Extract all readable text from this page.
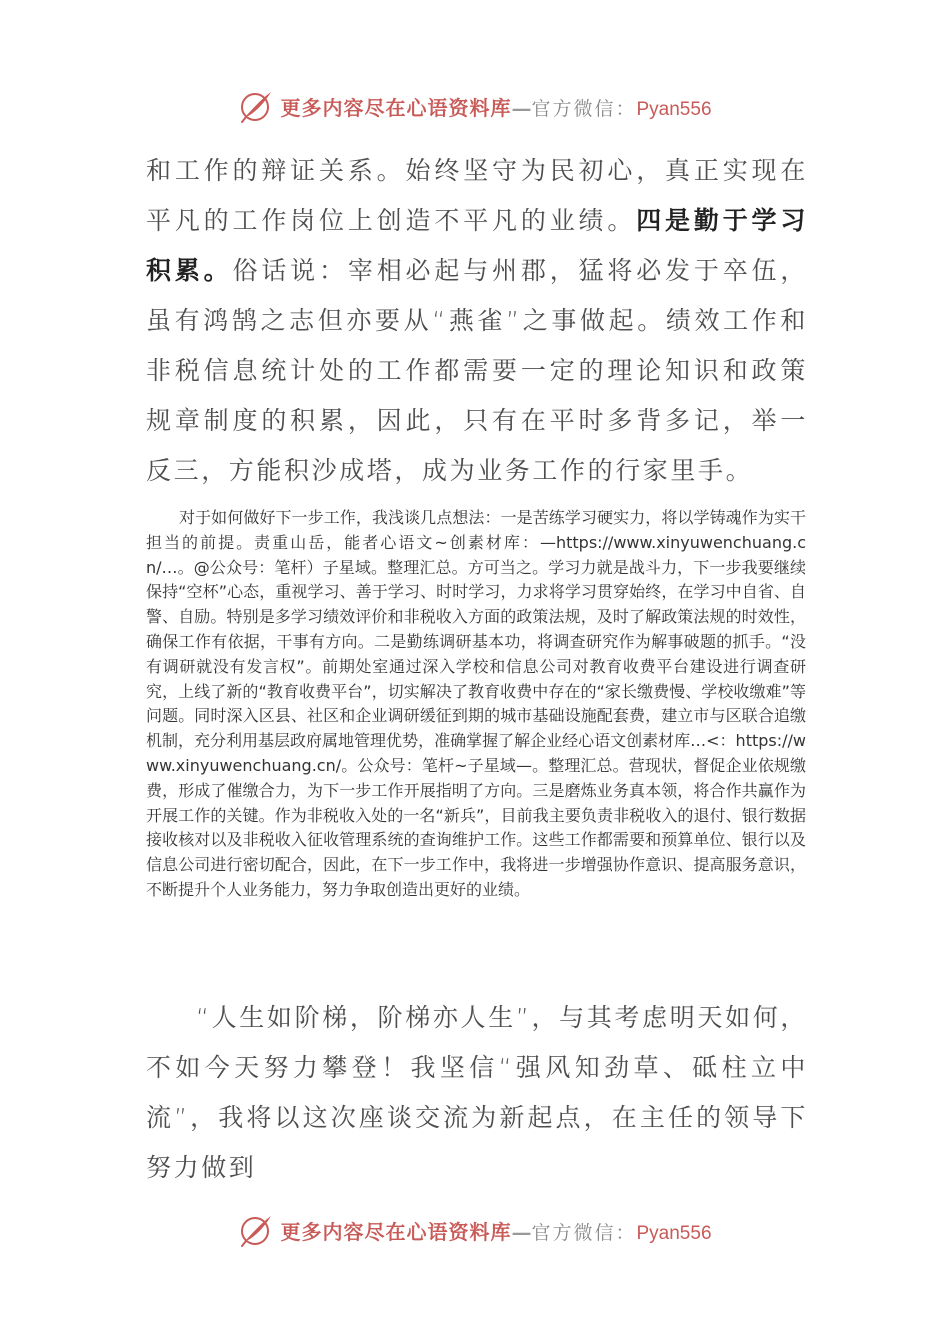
更多内容尽在心语资料库 — 官方微信： Pyan556

和工作的辩证关系。始终坚守为民初心，真正实现在平凡的工作岗位上创造不平凡的业绩。四是勤于学习积累。俗话说：宰相必起与州郡，猛将必发于卒伍，虽有鸿鹄之志但亦要从“燕雀”之事做起。绩效工作和非税信息统计处的工作都需要一定的理论知识和政策规章制度的积累，因此，只有在平时多背多记，举一反三，方能积沙成塔，成为业务工作的行家里手。

对于如何做好下一步工作，我浅谈几点想法：一是苦练学习硬实力，将以学铸魂作为实干担当的前提。责重山岳，能者心语文~创素材库：—https://www.xinyuwenchuang.cn/…。@公众号：笔杆）子星域。整理汇总。方可当之。学习力就是战斗力，下一步我要继续保持“空杯”心态，重视学习、善于学习、时时学习，力求将学习贯穿始终，在学习中自省、自警、自励。特别是多学习绩效评价和非税收入方面的政策法规，及时了解政策法规的时效性，确保工作有依据，干事有方向。二是勤练调研基本功，将调查研究作为解事破题的抓手。“没有调研就没有发言权”。前期处室通过深入学校和信息公司对教育收费平台建设进行调查研究，上线了新的“教育收费平台”，切实解决了教育收费中存在的“家长缴费慢、学校收缴难”等问题。同时深入区县、社区和企业调研缓征到期的城市基础设施配套费，建立市与区联合追缴机制，充分利用基层政府属地管理优势，准确掌握了解企业经心语文创素材库…<：https://www.xinyuwenchuang.cn/。公众号：笔杆~子星域—。整理汇总。营现状，督促企业依规缴费，形成了催缴合力，为下一步工作开展指明了方向。三是磨炼业务真本领，将合作共赢作为开展工作的关键。作为非税收入处的一名“新兵”，目前我主要负责非税收入的退付、银行数据接收核对以及非税收入征收管理系统的查询维护工作。这些工作都需要和预算单位、银行以及信息公司进行密切配合，因此，在下一步工作中，我将进一步增强协作意识、提高服务意识，不断提升个人业务能力，努力争取创造出更好的业绩。

“人生如阶梯，阶梯亦人生”，与其考虑明天如何，不如今天努力攀登！我坚信“强风知劲草、砥柱立中流”，我将以这次座谈交流为新起点，在主任的领导下努力做到

更多内容尽在心语资料库 — 官方微信： Pyan556
